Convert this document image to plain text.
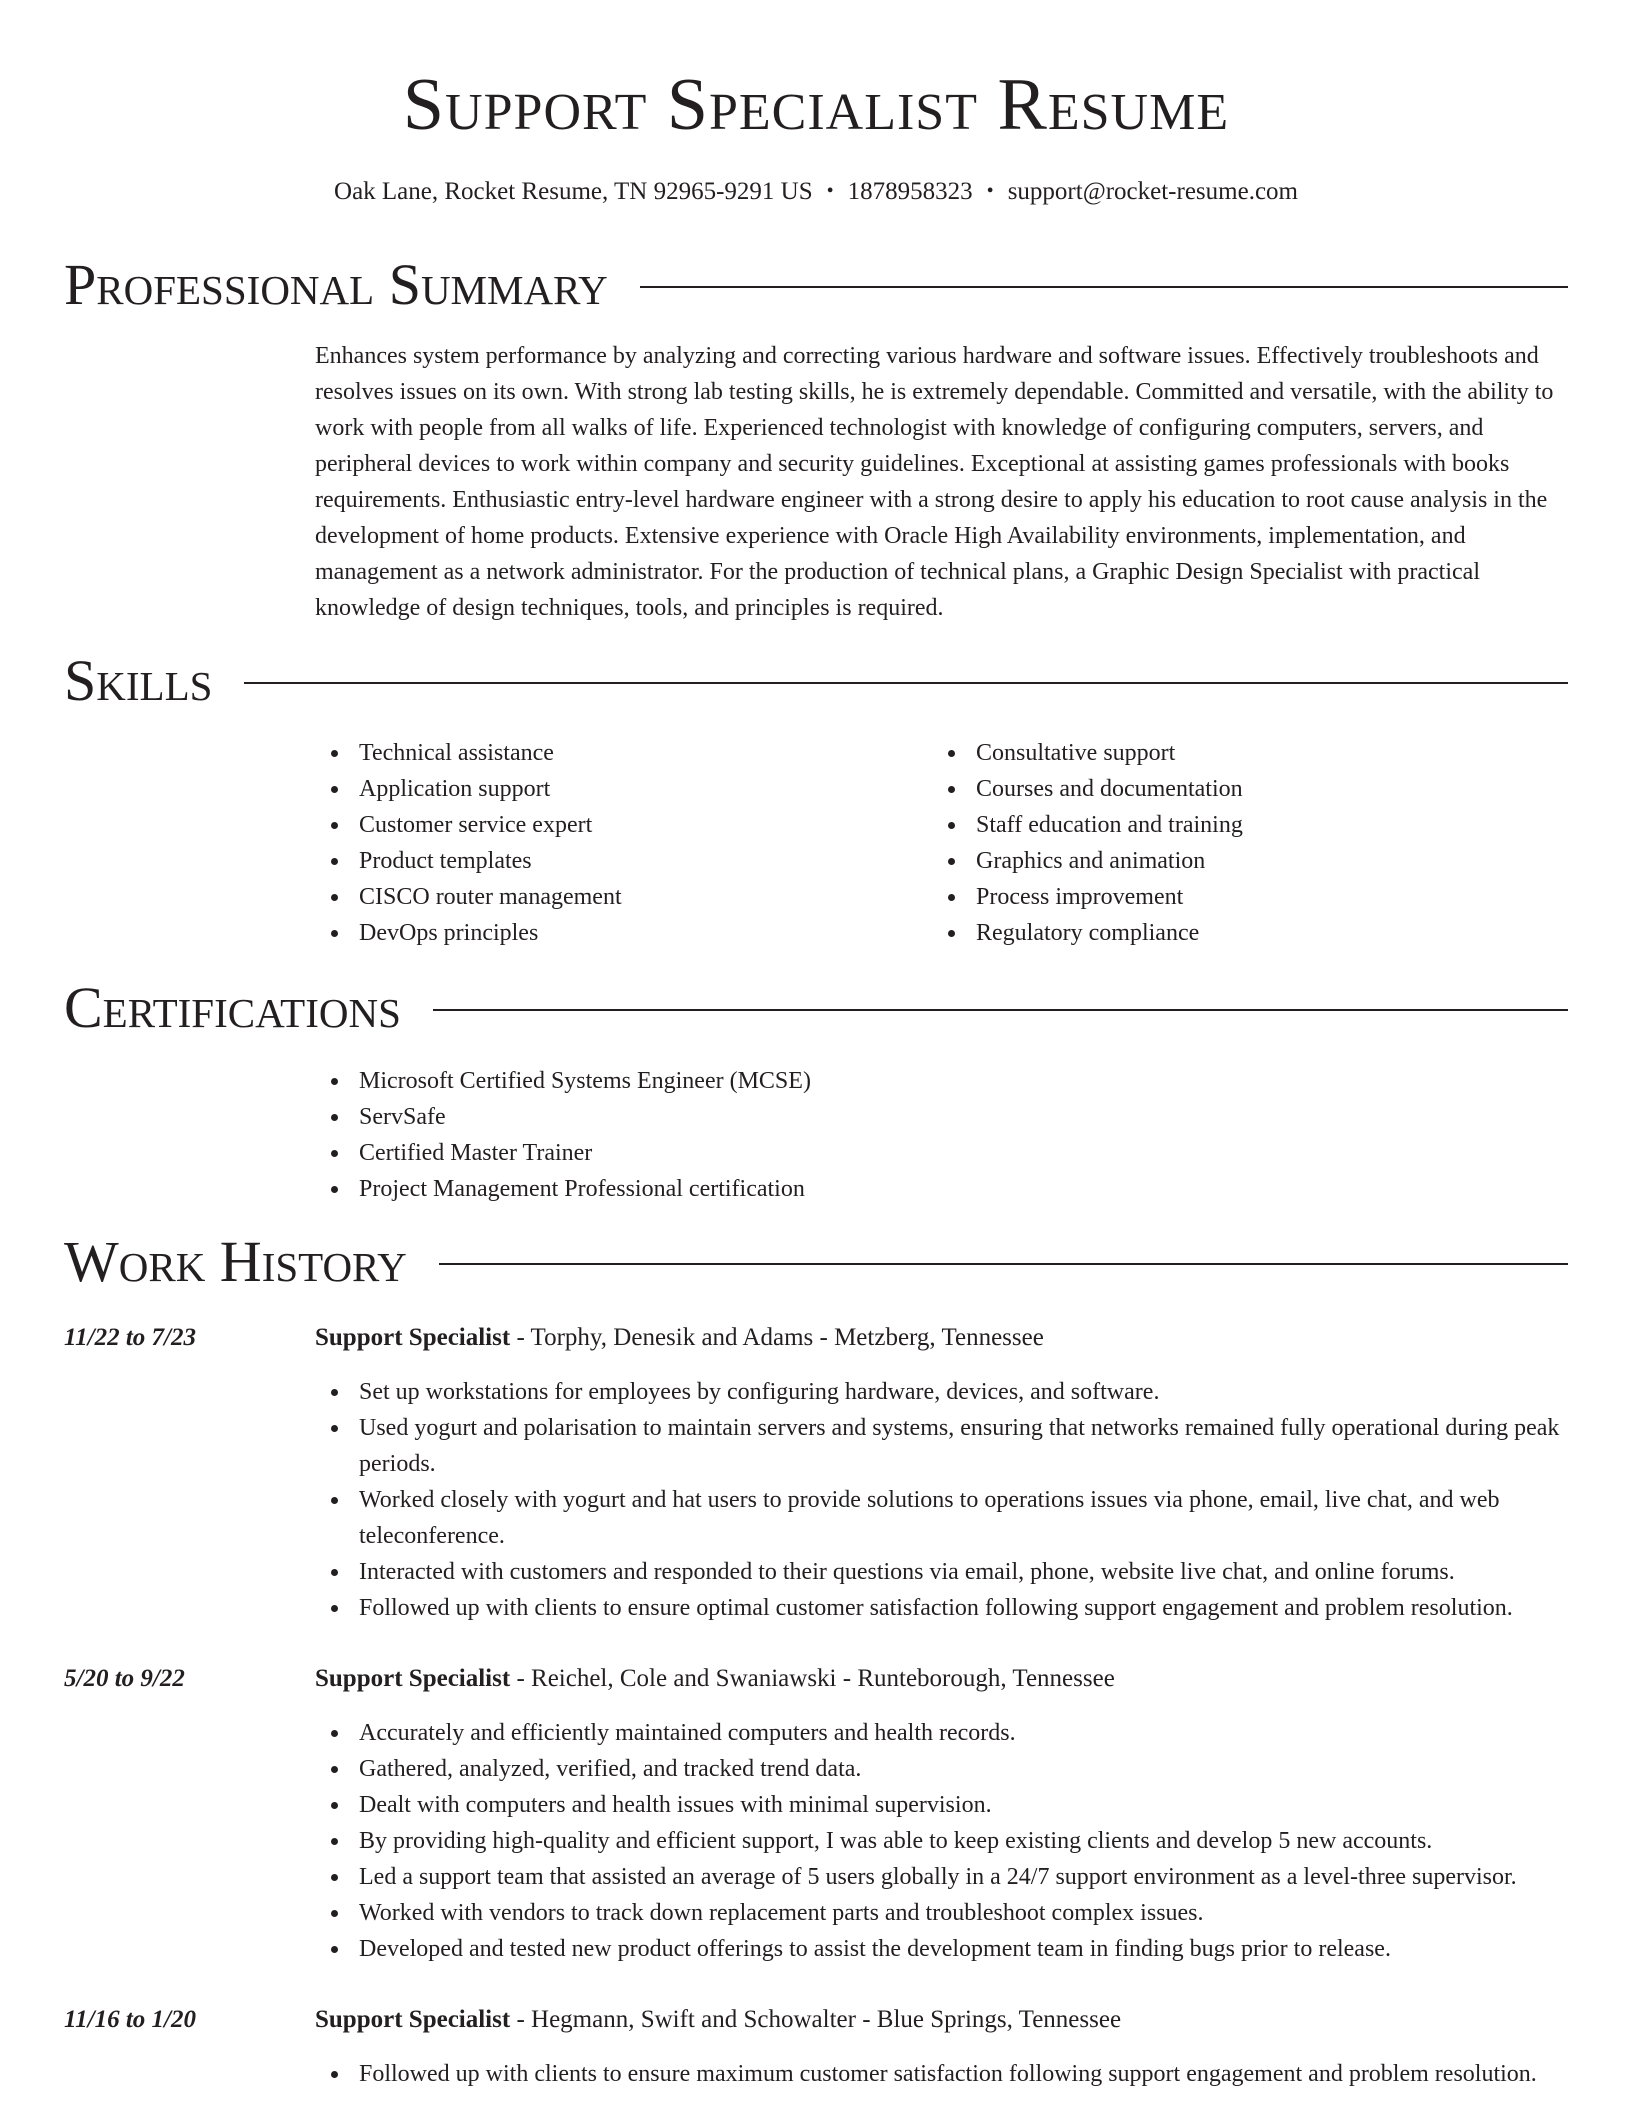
Support Specialist Resume
Oak Lane, Rocket Resume, TN 92965-9291 US • 1878958323 • support@rocket-resume.com
Professional Summary

Enhances system performance by analyzing and correcting various hardware and software issues. Effectively troubleshoots and resolves issues on its own. With strong lab testing skills, he is extremely dependable. Committed and versatile, with the ability to work with people from all walks of life. Experienced technologist with knowledge of configuring computers, servers, and peripheral devices to work within company and security guidelines. Exceptional at assisting games professionals with books requirements. Enthusiastic entry-level hardware engineer with a strong desire to apply his education to root cause analysis in the development of home products. Extensive experience with Oracle High Availability environments, implementation, and management as a network administrator. For the production of technical plans, a Graphic Design Specialist with practical knowledge of design techniques, tools, and principles is required.

Skills
Technical assistance
Application support
Customer service expert
Product templates
CISCO router management
DevOps principles
Consultative support
Courses and documentation
Staff education and training
Graphics and animation
Process improvement
Regulatory compliance
Certifications
Microsoft Certified Systems Engineer (MCSE)
ServSafe
Certified Master Trainer
Project Management Professional certification
Work History
11/22 to 7/23	Support Specialist - Torphy, Denesik and Adams - Metzberg, Tennessee
Set up workstations for employees by configuring hardware, devices, and software.
Used yogurt and polarisation to maintain servers and systems, ensuring that networks remained fully operational during peak periods.
Worked closely with yogurt and hat users to provide solutions to operations issues via phone, email, live chat, and web teleconference.
Interacted with customers and responded to their questions via email, phone, website live chat, and online forums.
Followed up with clients to ensure optimal customer satisfaction following support engagement and problem resolution.
5/20 to 9/22	Support Specialist - Reichel, Cole and Swaniawski - Runteborough, Tennessee
Accurately and efficiently maintained computers and health records.
Gathered, analyzed, verified, and tracked trend data.
Dealt with computers and health issues with minimal supervision.
By providing high-quality and efficient support, I was able to keep existing clients and develop 5 new accounts.
Led a support team that assisted an average of 5 users globally in a 24/7 support environment as a level-three supervisor.
Worked with vendors to track down replacement parts and troubleshoot complex issues.
Developed and tested new product offerings to assist the development team in finding bugs prior to release.
11/16 to 1/20	Support Specialist - Hegmann, Swift and Schowalter - Blue Springs, Tennessee
Followed up with clients to ensure maximum customer satisfaction following support engagement and problem resolution.
